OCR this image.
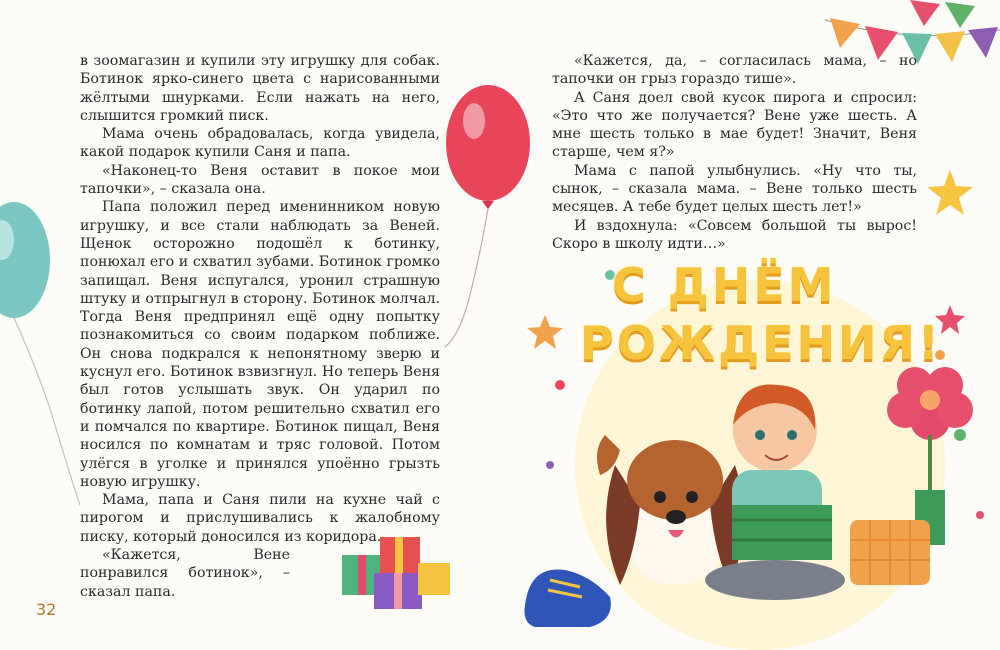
С ДНЁМ
РОЖДЕНИЯ!

в зоомагазин и купили эту игрушку для собак. Ботинок ярко-синего цвета с нарисованными жёлтыми шнурками. Если нажать на него, слышится громкий писк.

Мама очень обрадовалась, когда увидела, какой подарок купили Саня и папа.

«Наконец-то Веня оставит в покое мои тапочки», – сказала она.

Папа положил перед именинником новую игрушку, и все стали наблюдать за Веней. Щенок осторожно подошёл к ботинку, понюхал его и схватил зубами. Ботинок громко запищал. Веня испугался, уронил страшную штуку и отпрыгнул в сторону. Ботинок молчал. Тогда Веня предпринял ещё одну попытку познакомиться со своим подарком поближе. Он снова подкрался к непонятному зверю и куснул его. Ботинок взвизгнул. Но теперь Веня был готов услышать звук. Он ударил по ботинку лапой, потом решительно схватил его и помчался по квартире. Ботинок пищал, Веня носился по комнатам и тряс головой. Потом улёгся в уголке и принялся упоённо грызть новую игрушку.

Мама, папа и Саня пили на кухне чай с пирогом и прислушивались к жалобному писку, который доносился из коридора.

«Кажется, Вене понравился ботинок», – сказал папа.

«Кажется, да, – согласилась мама, – но тапочки он грыз гораздо тише».

А Саня доел свой кусок пирога и спросил: «Это что же получается? Вене уже шесть. А мне шесть только в мае будет! Значит, Веня старше, чем я?»

Мама с папой улыбнулись. «Ну что ты, сынок, – сказала мама. – Вене только шесть месяцев. А тебе будет целых шесть лет!»

И вздохнула: «Совсем большой ты вырос! Скоро в школу идти…»

32
